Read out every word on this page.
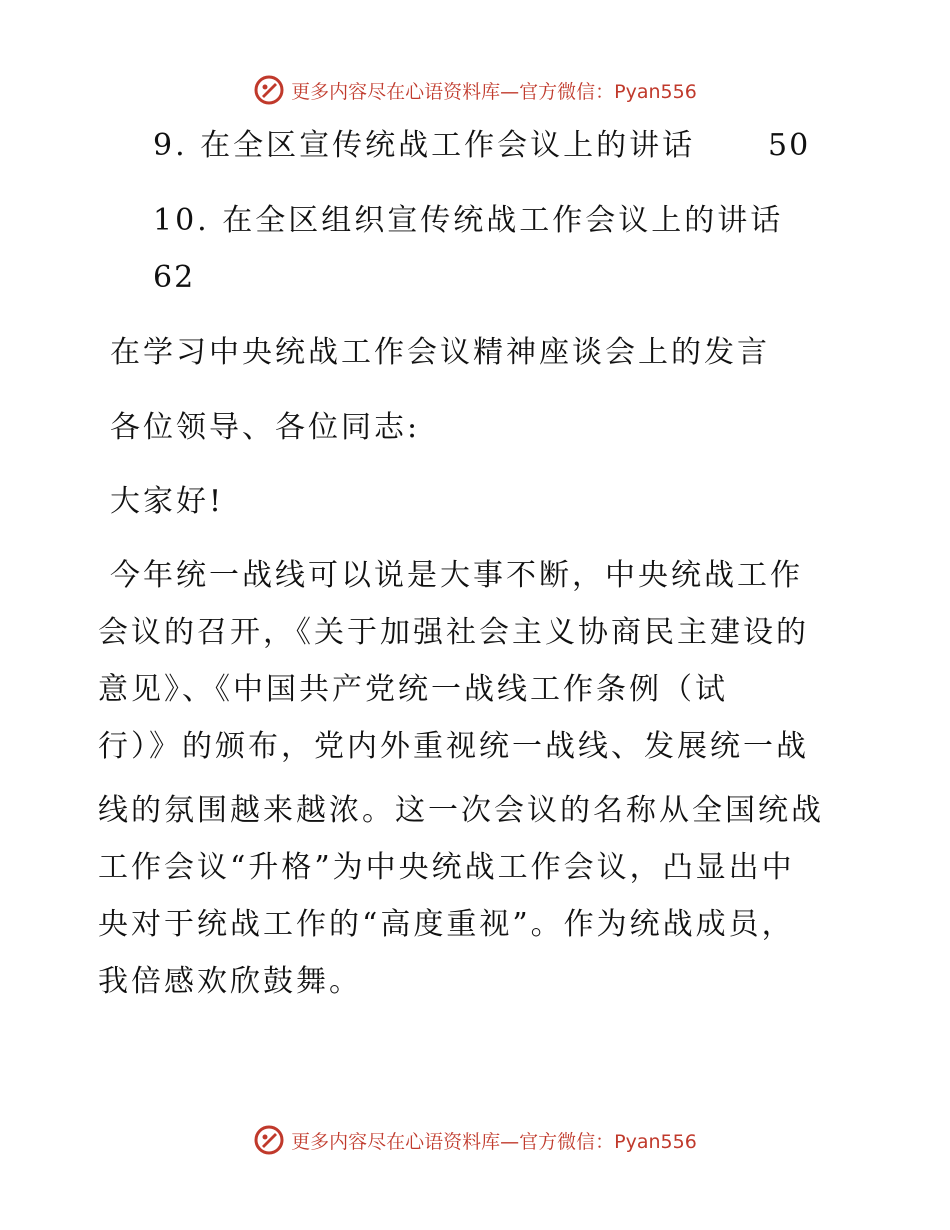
更多内容尽在心语资料库—官方微信：Pyan556
9. 在全区宣传统战工作会议上的讲话 50
10. 在全区组织宣传统战工作会议上的讲话
62
在学习中央统战工作会议精神座谈会上的发言
各位领导、各位同志:
大家好!
今年统一战线可以说是大事不断，中央统战工作
会议的召开，《关于加强社会主义协商民主建设的
意见》、《中国共产党统一战线工作条例（试
行）》的颁布，党内外重视统一战线、发展统一战
线的氛围越来越浓。这一次会议的名称从全国统战
工作会议“升格”为中央统战工作会议，凸显出中
央对于统战工作的“高度重视”。作为统战成员，
我倍感欢欣鼓舞。
更多内容尽在心语资料库—官方微信：Pyan556
